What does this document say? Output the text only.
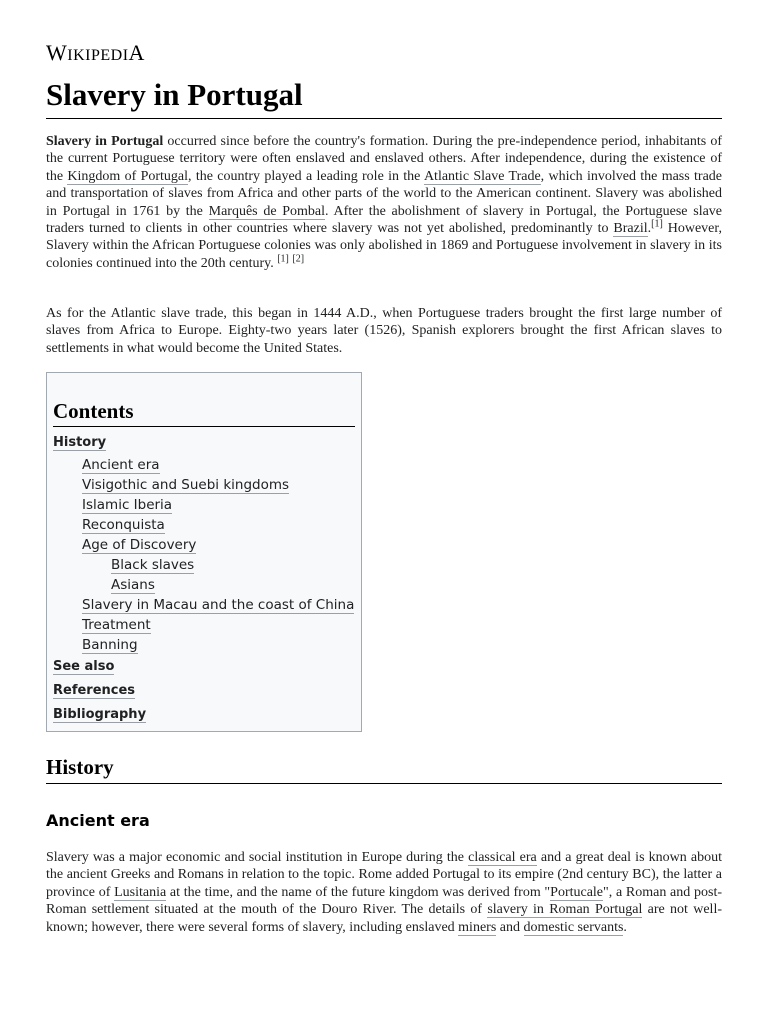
WIKIPEDIA
Slavery in Portugal

Slavery in Portugal occurred since before the country's formation. During the pre-independence period, inhabitants of the current Portuguese territory were often enslaved and enslaved others. After independence, during the existence of the Kingdom of Portugal, the country played a leading role in the Atlantic Slave Trade, which involved the mass trade and transportation of slaves from Africa and other parts of the world to the American continent. Slavery was abolished in Portugal in 1761 by the Marquês de Pombal. After the abolishment of slavery in Portugal, the Portuguese slave traders turned to clients in other countries where slavery was not yet abolished, predominantly to Brazil.[1] However, Slavery within the African Portuguese colonies was only abolished in 1869 and Portuguese involvement in slavery in its colonies continued into the 20th century. [1] [2]

As for the Atlantic slave trade, this began in 1444 A.D., when Portuguese traders brought the first large number of slaves from Africa to Europe. Eighty-two years later (1526), Spanish explorers brought the first African slaves to settlements in what would become the United States.

Contents
History
Ancient era
Visigothic and Suebi kingdoms
Islamic Iberia
Reconquista
Age of Discovery
Black slaves
Asians
Slavery in Macau and the coast of China
Treatment
Banning
See also
References
Bibliography
History
Ancient era

Slavery was a major economic and social institution in Europe during the classical era and a great deal is known about the ancient Greeks and Romans in relation to the topic. Rome added Portugal to its empire (2nd century BC), the latter a province of Lusitania at the time, and the name of the future kingdom was derived from "Portucale", a Roman and post-Roman settlement situated at the mouth of the Douro River. The details of slavery in Roman Portugal are not well-known; however, there were several forms of slavery, including enslaved miners and domestic servants.
